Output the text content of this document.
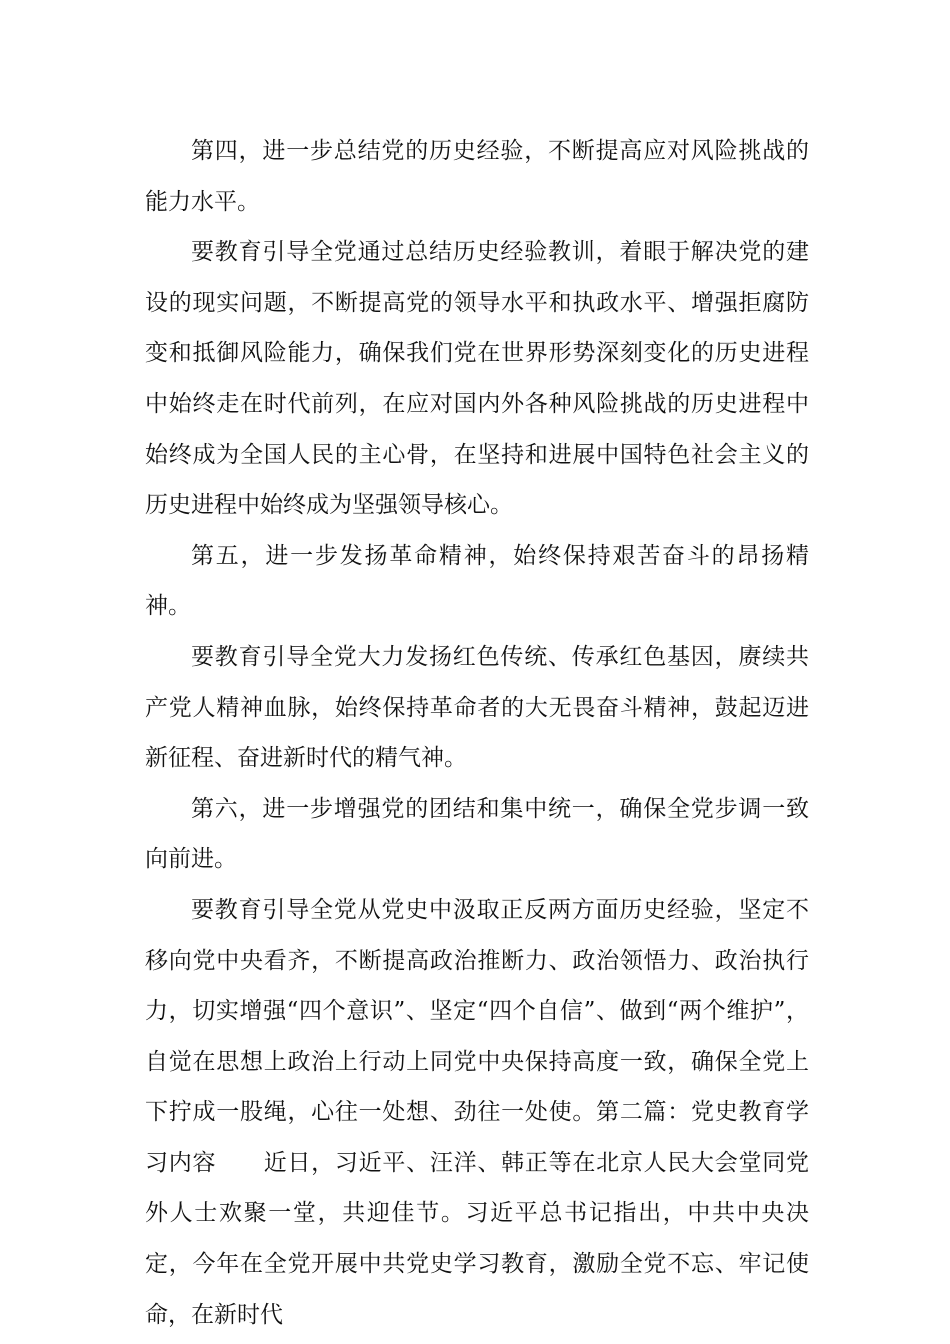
第四，进一步总结党的历史经验，不断提高应对风险挑战的能力水平。

要教育引导全党通过总结历史经验教训，着眼于解决党的建设的现实问题，不断提高党的领导水平和执政水平、增强拒腐防变和抵御风险能力，确保我们党在世界形势深刻变化的历史进程中始终走在时代前列，在应对国内外各种风险挑战的历史进程中始终成为全国人民的主心骨，在坚持和进展中国特色社会主义的历史进程中始终成为坚强领导核心。

第五，进一步发扬革命精神，始终保持艰苦奋斗的昂扬精神。

要教育引导全党大力发扬红色传统、传承红色基因，赓续共产党人精神血脉，始终保持革命者的大无畏奋斗精神，鼓起迈进新征程、奋进新时代的精气神。

第六，进一步增强党的团结和集中统一，确保全党步调一致向前进。

要教育引导全党从党史中汲取正反两方面历史经验，坚定不移向党中央看齐，不断提高政治推断力、政治领悟力、政治执行力，切实增强“四个意识”、坚定“四个自信”、做到“两个维护”，自觉在思想上政治上行动上同党中央保持高度一致，确保全党上下拧成一股绳，心往一处想、劲往一处使。第二篇：党史教育学习内容　　近日，习近平、汪洋、韩正等在北京人民大会堂同党外人士欢聚一堂，共迎佳节。习近平总书记指出，中共中央决定，今年在全党开展中共党史学习教育，激励全党不忘、牢记使命，在新时代
